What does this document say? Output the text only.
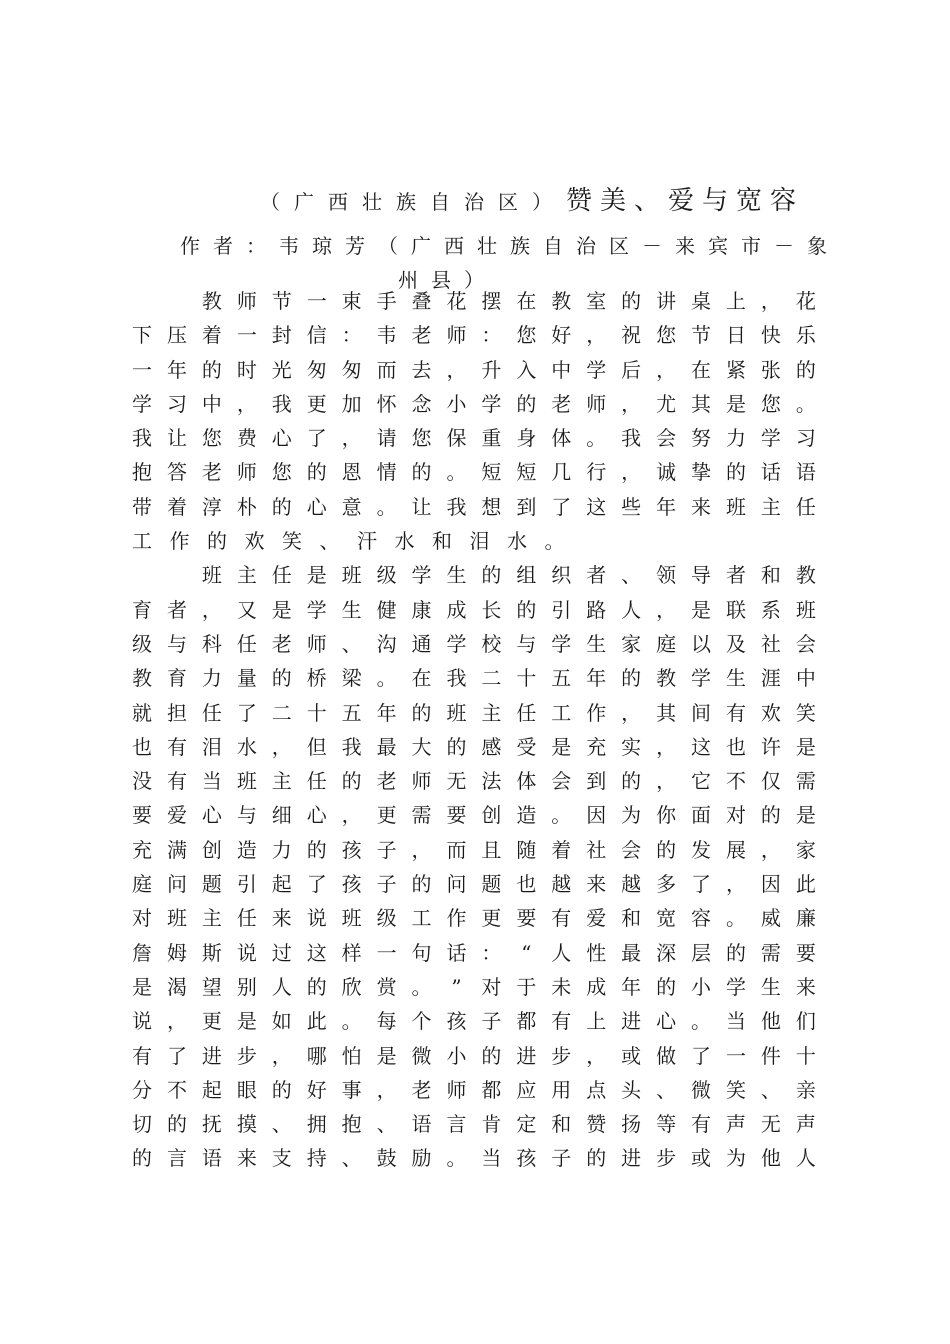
（广西壮族自治区）赞美、爱与宽容
作者：韦琼芳（广西壮族自治区－来宾市－象
州县）

教 师 节 一 束 手 叠 花 摆 在 教 室 的 讲 桌 上 ， 花
下 压 着 一 封 信 ： 韦 老 师 ： 您 好 ， 祝 您 节 日 快 乐
一 年 的 时 光 匆 匆 而 去 ， 升 入 中 学 后 ， 在 紧 张 的
学 习 中 ， 我 更 加 怀 念 小 学 的 老 师 ， 尤 其 是 您 。
我 让 您 费 心 了 ， 请 您 保 重 身 体 。 我 会 努 力 学 习
抱 答 老 师 您 的 恩 情 的 。 短 短 几 行 ， 诚 挚 的 话 语
带 着 淳 朴 的 心 意 。 让 我 想 到 了 这 些 年 来 班 主 任
工 作 的 欢 笑 、 汗 水 和 泪 水 。

班 主 任 是 班 级 学 生 的 组 织 者 、 领 导 者 和 教
育 者 ， 又 是 学 生 健 康 成 长 的 引 路 人 ， 是 联 系 班
级 与 科 任 老 师 、 沟 通 学 校 与 学 生 家 庭 以 及 社 会
教 育 力 量 的 桥 梁 。 在 我 二 十 五 年 的 教 学 生 涯 中
就 担 任 了 二 十 五 年 的 班 主 任 工 作 ， 其 间 有 欢 笑
也 有 泪 水 ， 但 我 最 大 的 感 受 是 充 实 ， 这 也 许 是
没 有 当 班 主 任 的 老 师 无 法 体 会 到 的 ， 它 不 仅 需
要 爱 心 与 细 心 ， 更 需 要 创 造 。 因 为 你 面 对 的 是
充 满 创 造 力 的 孩 子 ， 而 且 随 着 社 会 的 发 展 ， 家
庭 问 题 引 起 了 孩 子 的 问 题 也 越 来 越 多 了 ， 因 此
对 班 主 任 来 说 班 级 工 作 更 要 有 爱 和 宽 容 。 威 廉
詹 姆 斯 说 过 这 样 一 句 话 ： “ 人 性 最 深 层 的 需 要
是 渴 望 别 人 的 欣 赏 。 ” 对 于 未 成 年 的 小 学 生 来
说 ， 更 是 如 此 。 每 个 孩 子 都 有 上 进 心 。 当 他 们
有 了 进 步 ， 哪 怕 是 微 小 的 进 步 ， 或 做 了 一 件 十
分 不 起 眼 的 好 事 ， 老 师 都 应 用 点 头 、 微 笑 、 亲
切 的 抚 摸 、 拥 抱 、 语 言 肯 定 和 赞 扬 等 有 声 无 声
的 言 语 来 支 持 、 鼓 励 。 当 孩 子 的 进 步 或 为 他 人
